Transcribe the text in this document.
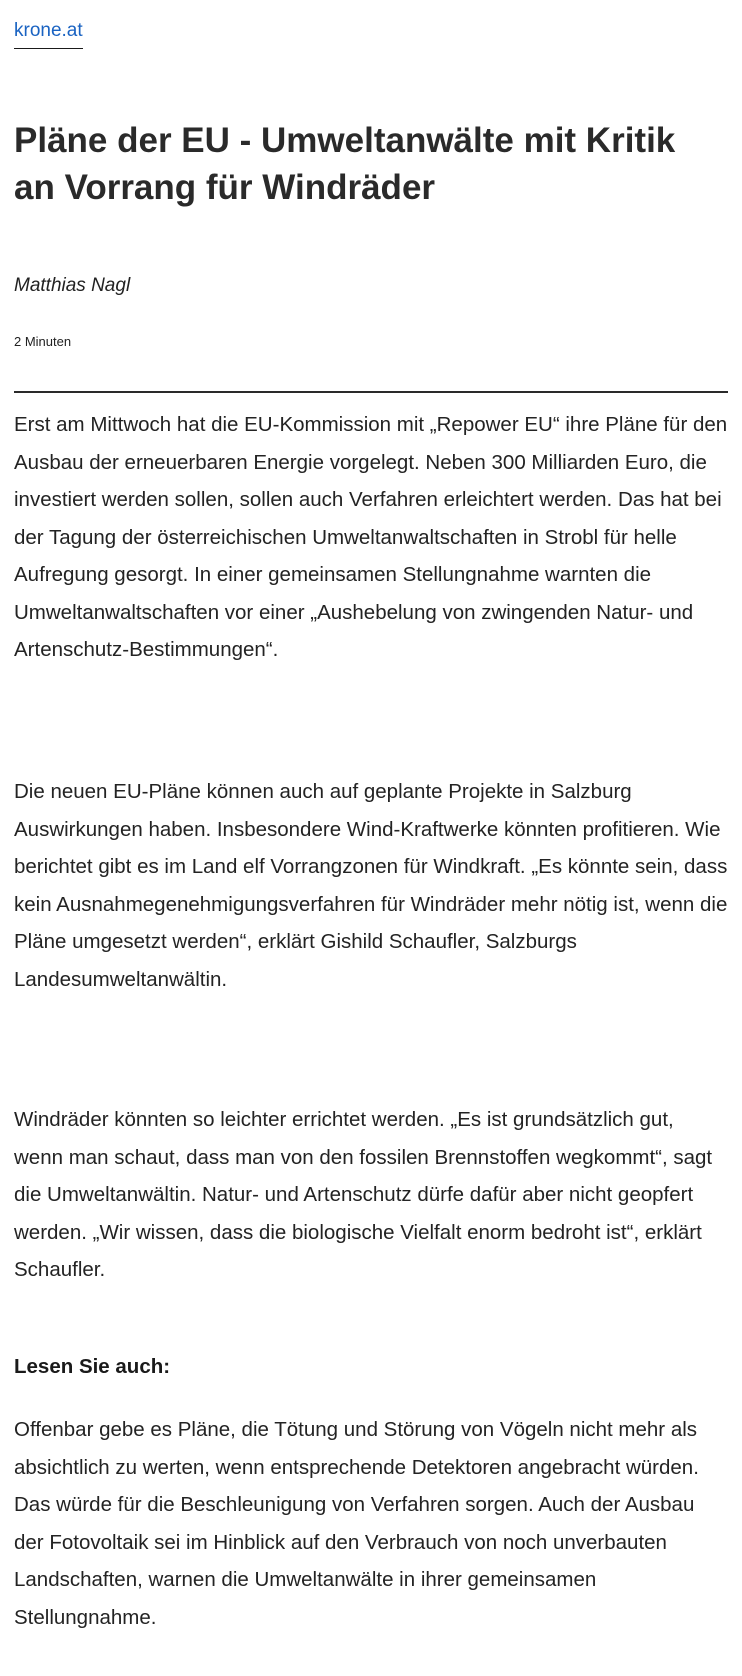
krone.at
Pläne der EU - Umweltanwälte mit Kritik an Vorrang für Windräder
Matthias Nagl
2 Minuten

Erst am Mittwoch hat die EU-Kommission mit „Repower EU“ ihre Pläne für den Ausbau der erneuerbaren Energie vorgelegt. Neben 300 Milliarden Euro, die investiert werden sollen, sollen auch Verfahren erleichtert werden. Das hat bei der Tagung der österreichischen Umweltanwaltschaften in Strobl für helle Aufregung gesorgt. In einer gemeinsamen Stellungnahme warnten die Umweltanwaltschaften vor einer „Aushebelung von zwingenden Natur- und Artenschutz-Bestimmungen“.

Die neuen EU-Pläne können auch auf geplante Projekte in Salzburg Auswirkungen haben. Insbesondere Wind-Kraftwerke könnten profitieren. Wie berichtet gibt es im Land elf Vorrangzonen für Windkraft. „Es könnte sein, dass kein Ausnahmegenehmigungsverfahren für Windräder mehr nötig ist, wenn die Pläne umgesetzt werden“, erklärt Gishild Schaufler, Salzburgs Landesumweltanwältin.

Windräder könnten so leichter errichtet werden. „Es ist grundsätzlich gut, wenn man schaut, dass man von den fossilen Brennstoffen wegkommt“, sagt die Umweltanwältin. Natur- und Artenschutz dürfe dafür aber nicht geopfert werden. „Wir wissen, dass die biologische Vielfalt enorm bedroht ist“, erklärt Schaufler.

Lesen Sie auch:

Offenbar gebe es Pläne, die Tötung und Störung von Vögeln nicht mehr als absichtlich zu werten, wenn entsprechende Detektoren angebracht würden. Das würde für die Beschleunigung von Verfahren sorgen. Auch der Ausbau der Fotovoltaik sei im Hinblick auf den Verbrauch von noch unverbauten Landschaften, warnen die Umweltanwälte in ihrer gemeinsamen Stellungnahme.
